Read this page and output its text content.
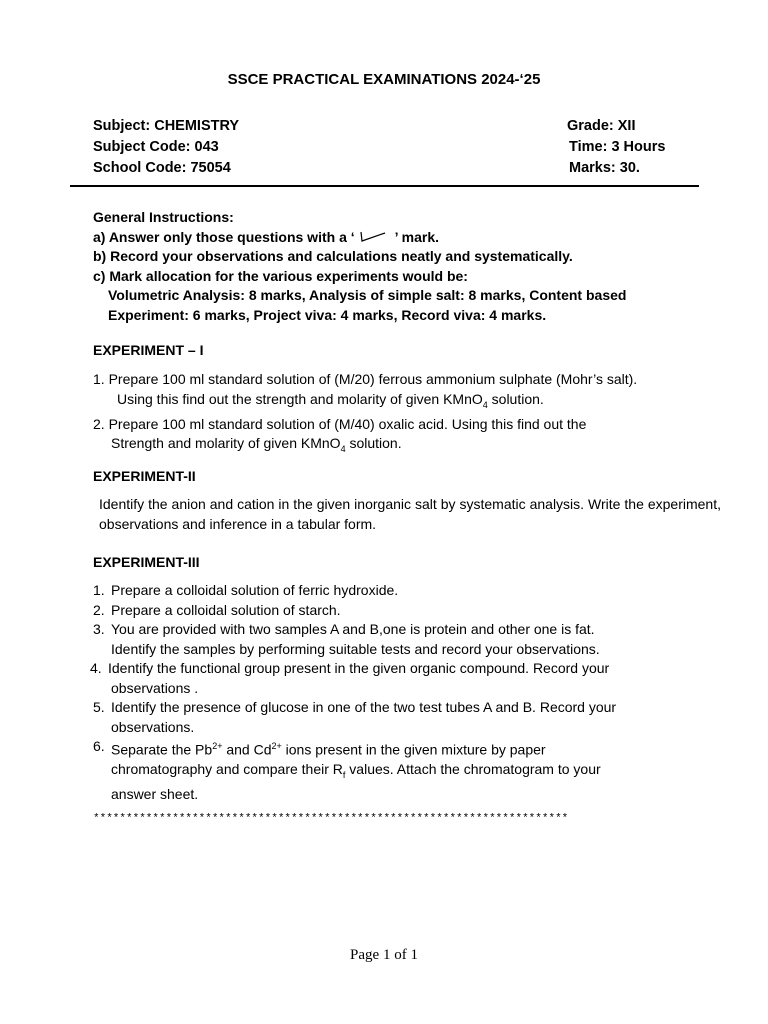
SSCE PRACTICAL EXAMINATIONS 2024-‘25
Subject: CHEMISTRY
Subject Code: 043
School Code: 75054
Grade: XII
Time: 3 Hours
Marks: 30.
General Instructions:
a) Answer only those questions with a ‘	’ mark.
b) Record your observations and calculations neatly and systematically.
c) Mark allocation for the various experiments would be:
Volumetric Analysis: 8 marks, Analysis of simple salt: 8 marks, Content based
Experiment: 6 marks, Project viva: 4 marks, Record viva: 4 marks.
EXPERIMENT – I
1. Prepare 100 ml standard solution of (M/20) ferrous ammonium sulphate (Mohr’s salt).
Using this find out the strength and molarity of given KMnO$_4$ solution.
2. Prepare 100 ml standard solution of (M/40) oxalic acid. Using this find out the
Strength and molarity of given KMnO$_4$ solution.
EXPERIMENT-II
Identify the anion and cation in the given inorganic salt by systematic analysis. Write the experiment, observations and inference in a tabular form.
EXPERIMENT-III
1. Prepare a colloidal solution of ferric hydroxide.
2. Prepare a colloidal solution of starch.
3. You are provided with two samples A and B,one is protein and other one is fat.
Identify the samples by performing suitable tests and record your observations.
4. Identify the functional group present in the given organic compound. Record your
observations .
5. Identify the presence of glucose in one of the two test tubes A and B. Record your
observations.
6. Separate the $Pb^{2+}$ and $Cd^{2+}$ ions present in the given mixture by paper
chromatography and compare their $R_f$ values. Attach the chromatogram to your
answer sheet.
************************************************************************
Page 1 of 1
